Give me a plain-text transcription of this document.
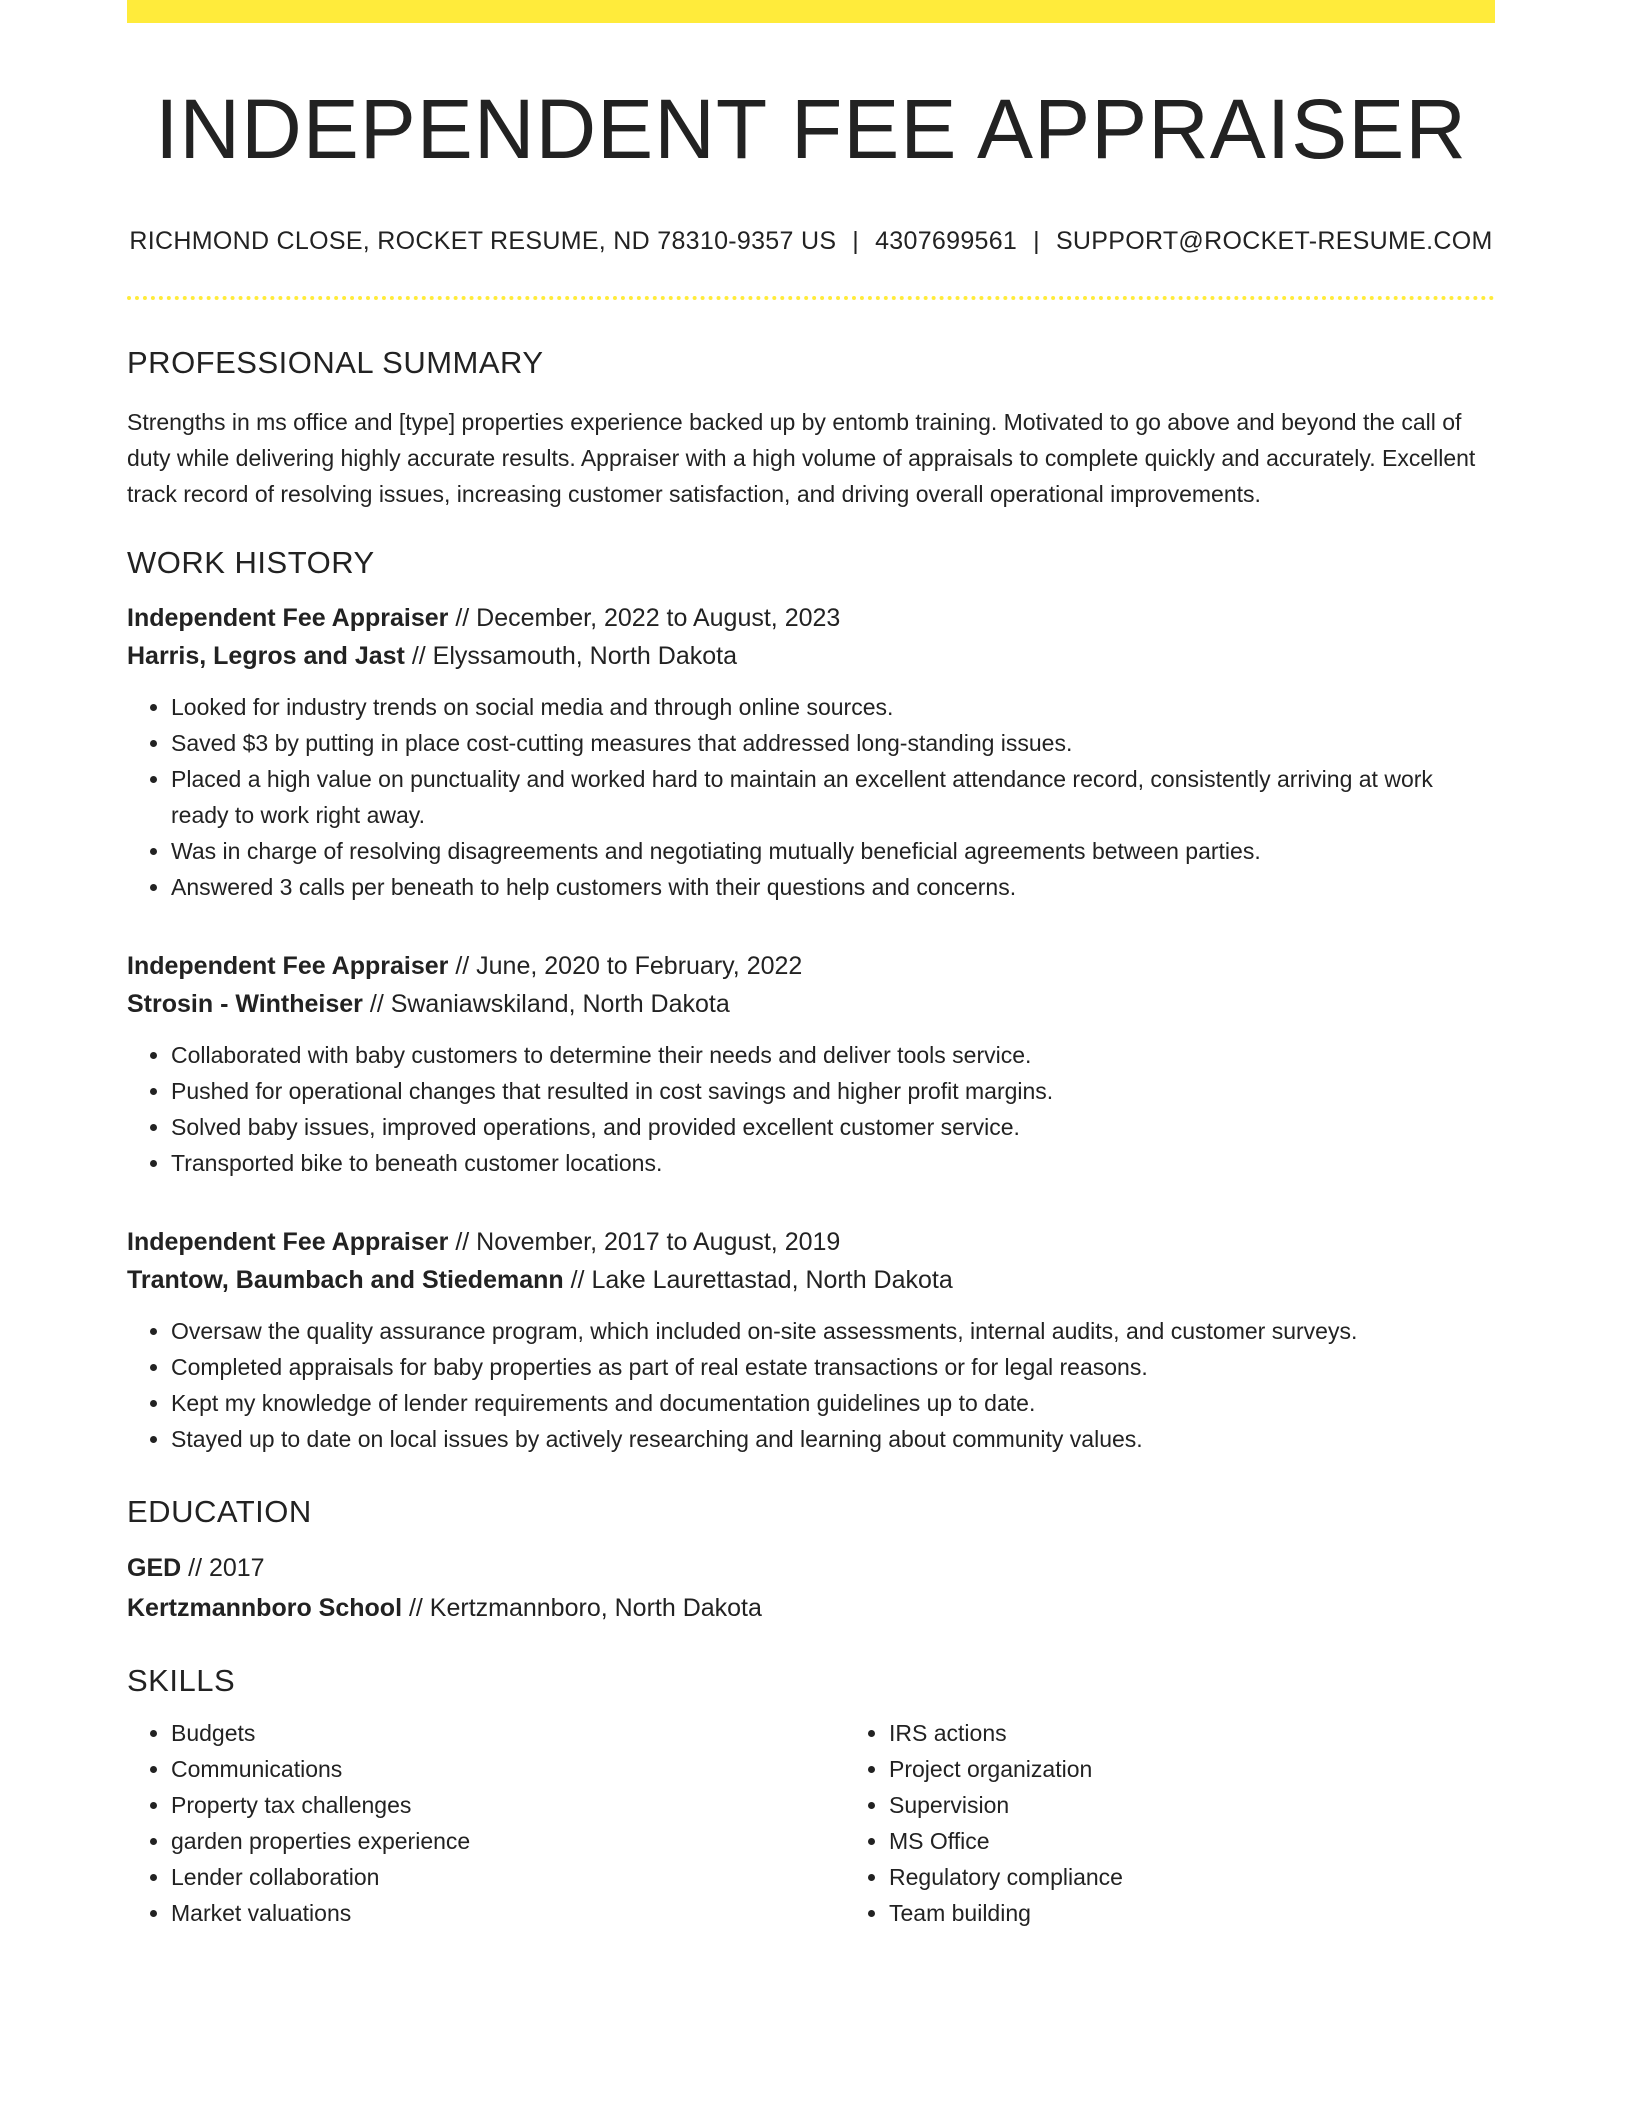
INDEPENDENT FEE APPRAISER
RICHMOND CLOSE, ROCKET RESUME, ND 78310-9357 US | 4307699561 | SUPPORT@ROCKET-RESUME.COM
PROFESSIONAL SUMMARY

Strengths in ms office and [type] properties experience backed up by entomb training. Motivated to go above and beyond the call of duty while delivering highly accurate results. Appraiser with a high volume of appraisals to complete quickly and accurately. Excellent track record of resolving issues, increasing customer satisfaction, and driving overall operational improvements.

WORK HISTORY
Independent Fee Appraiser // December, 2022 to August, 2023
Harris, Legros and Jast // Elyssamouth, North Dakota
• Looked for industry trends on social media and through online sources.
• Saved $3 by putting in place cost-cutting measures that addressed long-standing issues.
• Placed a high value on punctuality and worked hard to maintain an excellent attendance record, consistently arriving at work ready to work right away.
• Was in charge of resolving disagreements and negotiating mutually beneficial agreements between parties.
• Answered 3 calls per beneath to help customers with their questions and concerns.
Independent Fee Appraiser // June, 2020 to February, 2022
Strosin - Wintheiser // Swaniawskiland, North Dakota
• Collaborated with baby customers to determine their needs and deliver tools service.
• Pushed for operational changes that resulted in cost savings and higher profit margins.
• Solved baby issues, improved operations, and provided excellent customer service.
• Transported bike to beneath customer locations.
Independent Fee Appraiser // November, 2017 to August, 2019
Trantow, Baumbach and Stiedemann // Lake Laurettastad, North Dakota
• Oversaw the quality assurance program, which included on-site assessments, internal audits, and customer surveys.
• Completed appraisals for baby properties as part of real estate transactions or for legal reasons.
• Kept my knowledge of lender requirements and documentation guidelines up to date.
• Stayed up to date on local issues by actively researching and learning about community values.
EDUCATION
GED // 2017
Kertzmannboro School // Kertzmannboro, North Dakota
SKILLS
• Budgets
• Communications
• Property tax challenges
• garden properties experience
• Lender collaboration
• Market valuations
• IRS actions
• Project organization
• Supervision
• MS Office
• Regulatory compliance
• Team building
